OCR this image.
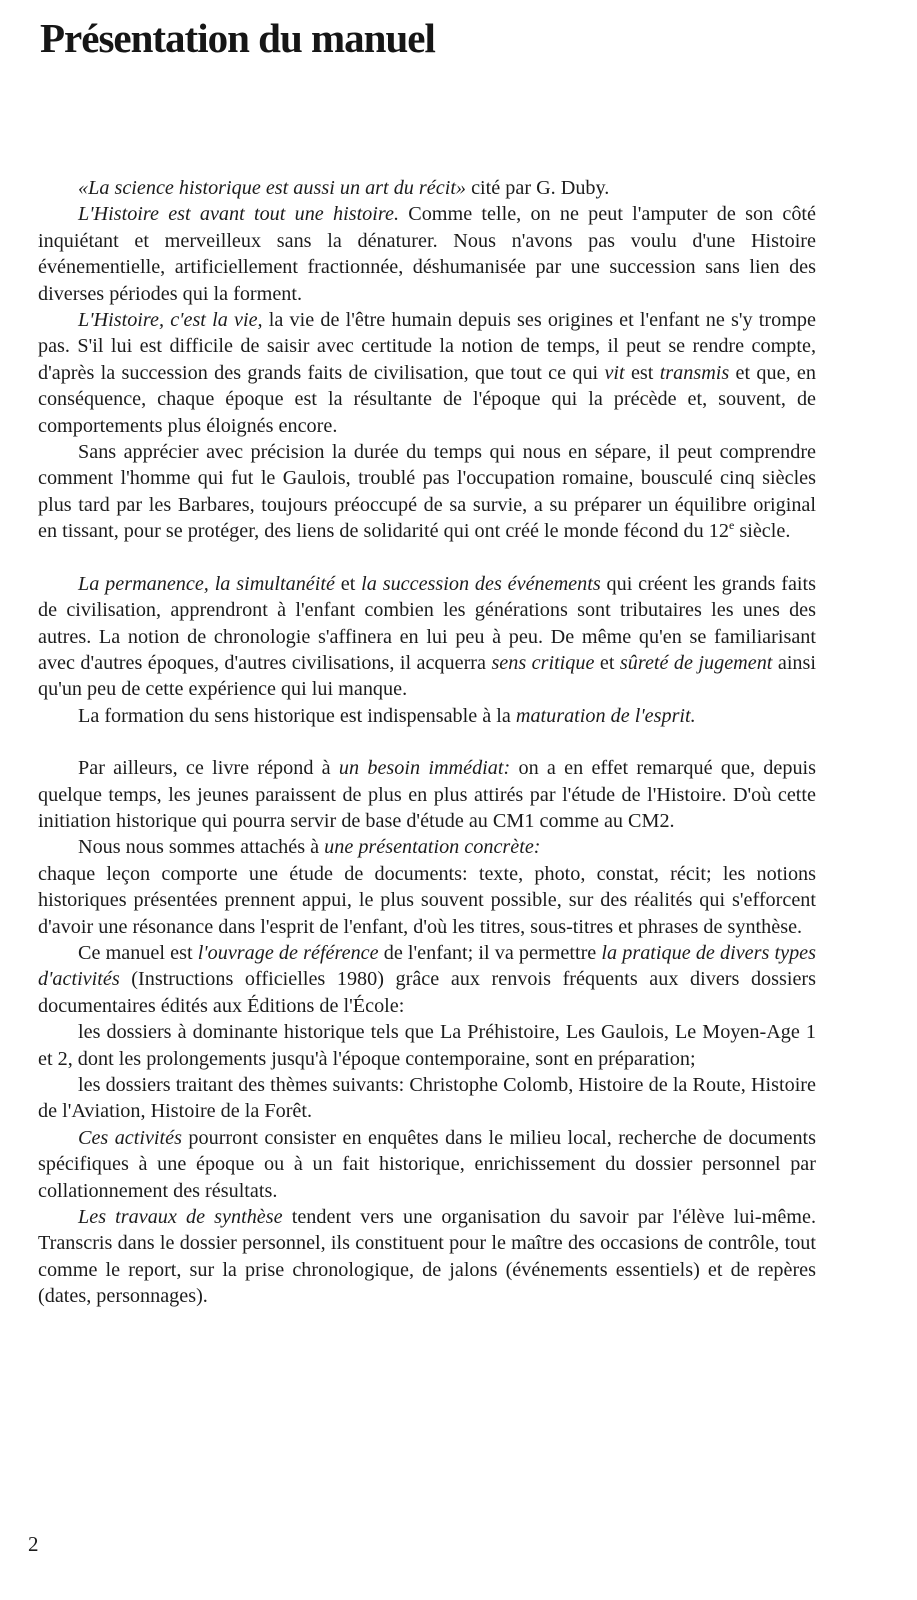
Présentation du manuel

«La science historique est aussi un art du récit» cité par G. Duby.

L'Histoire est avant tout une histoire. Comme telle, on ne peut l'amputer de son côté inquiétant et merveilleux sans la dénaturer. Nous n'avons pas voulu d'une Histoire événementielle, artificiellement fractionnée, déshumanisée par une succession sans lien des diverses périodes qui la forment.

L'Histoire, c'est la vie, la vie de l'être humain depuis ses origines et l'enfant ne s'y trompe pas. S'il lui est difficile de saisir avec certitude la notion de temps, il peut se rendre compte, d'après la succession des grands faits de civilisation, que tout ce qui vit est transmis et que, en conséquence, chaque époque est la résultante de l'époque qui la précède et, souvent, de comportements plus éloignés encore.

Sans apprécier avec précision la durée du temps qui nous en sépare, il peut comprendre comment l'homme qui fut le Gaulois, troublé pas l'occupation romaine, bousculé cinq siècles plus tard par les Barbares, toujours préoccupé de sa survie, a su préparer un équilibre original en tissant, pour se protéger, des liens de solidarité qui ont créé le monde fécond du 12e siècle.

La permanence, la simultanéité et la succession des événements qui créent les grands faits de civilisation, apprendront à l'enfant combien les générations sont tributaires les unes des autres. La notion de chronologie s'affinera en lui peu à peu. De même qu'en se familiarisant avec d'autres époques, d'autres civilisations, il acquerra sens critique et sûreté de jugement ainsi qu'un peu de cette expérience qui lui manque.

La formation du sens historique est indispensable à la maturation de l'esprit.

Par ailleurs, ce livre répond à un besoin immédiat: on a en effet remarqué que, depuis quelque temps, les jeunes paraissent de plus en plus attirés par l'étude de l'Histoire. D'où cette initiation historique qui pourra servir de base d'étude au CM1 comme au CM2.

Nous nous sommes attachés à une présentation concrète:

chaque leçon comporte une étude de documents: texte, photo, constat, récit; les notions historiques présentées prennent appui, le plus souvent possible, sur des réalités qui s'efforcent d'avoir une résonance dans l'esprit de l'enfant, d'où les titres, sous-titres et phrases de synthèse.

Ce manuel est l'ouvrage de référence de l'enfant; il va permettre la pratique de divers types d'activités (Instructions officielles 1980) grâce aux renvois fréquents aux divers dossiers documentaires édités aux Éditions de l'École:

les dossiers à dominante historique tels que La Préhistoire, Les Gaulois, Le Moyen-Age 1 et 2, dont les prolongements jusqu'à l'époque contemporaine, sont en préparation;

les dossiers traitant des thèmes suivants: Christophe Colomb, Histoire de la Route, Histoire de l'Aviation, Histoire de la Forêt.

Ces activités pourront consister en enquêtes dans le milieu local, recherche de documents spécifiques à une époque ou à un fait historique, enrichissement du dossier personnel par collationnement des résultats.

Les travaux de synthèse tendent vers une organisation du savoir par l'élève lui-même. Transcris dans le dossier personnel, ils constituent pour le maître des occasions de contrôle, tout comme le report, sur la prise chronologique, de jalons (événements essentiels) et de repères (dates, personnages).

2
